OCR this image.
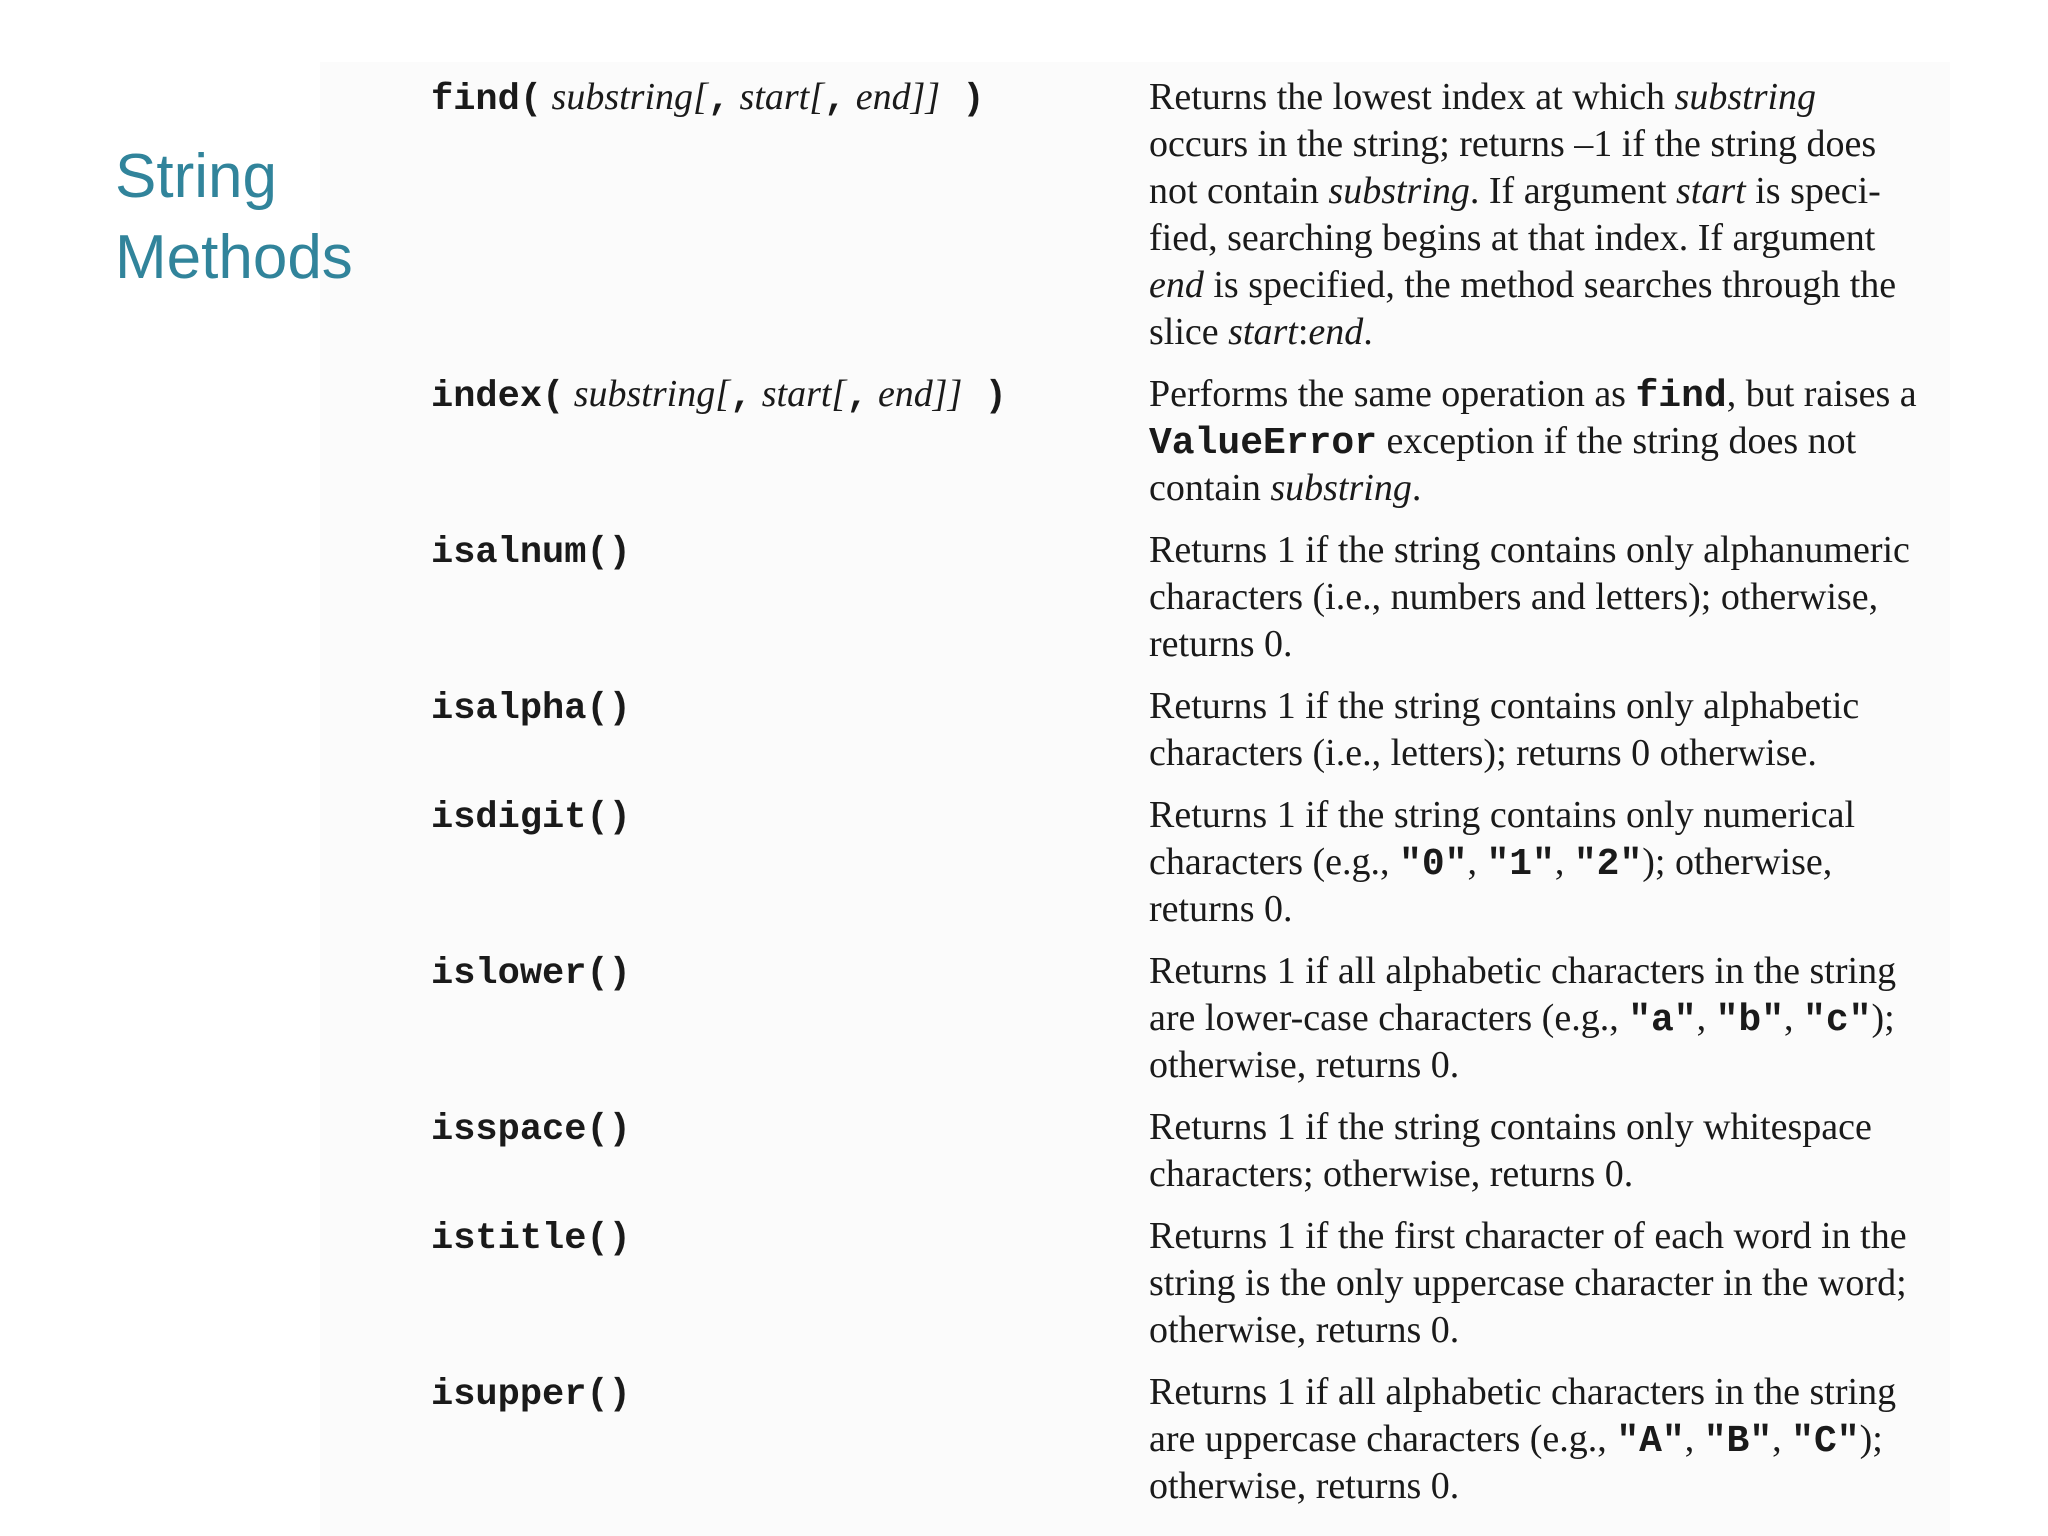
String Methods
find( substring[, start[, end]] )	Returns the lowest index at which substring
occurs in the string; returns –1 if the string does
not contain substring. If argument start is speci-
fied, searching begins at that index. If argument
end is specified, the method searches through the
slice start:end.
index( substring[, start[, end]] )	Performs the same operation as find, but raises a
ValueError exception if the string does not
contain substring.
isalnum()	Returns 1 if the string contains only alphanumeric
characters (i.e., numbers and letters); otherwise,
returns 0.
isalpha()	Returns 1 if the string contains only alphabetic
characters (i.e., letters); returns 0 otherwise.
isdigit()	Returns 1 if the string contains only numerical
characters (e.g., "0", "1", "2"); otherwise,
returns 0.
islower()	Returns 1 if all alphabetic characters in the string
are lower-case characters (e.g., "a", "b", "c");
otherwise, returns 0.
isspace()	Returns 1 if the string contains only whitespace
characters; otherwise, returns 0.
istitle()	Returns 1 if the first character of each word in the
string is the only uppercase character in the word;
otherwise, returns 0.
isupper()	Returns 1 if all alphabetic characters in the string
are uppercase characters (e.g., "A", "B", "C");
otherwise, returns 0.
